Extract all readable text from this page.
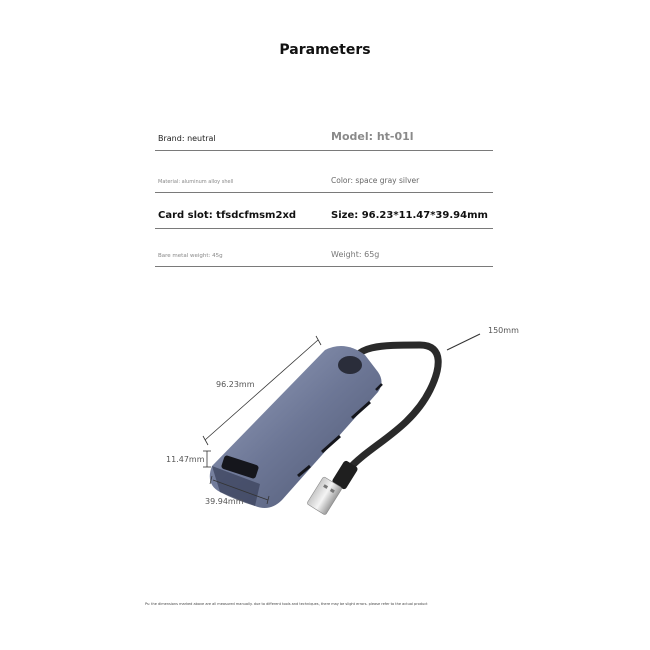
Parameters
Brand: neutral	Model: ht-01l
Material: aluminum alloy shell	Color: space gray silver
Card slot: tfsdcfmsm2xd	Size: 96.23*11.47*39.94mm
Bare metal weight: 45g	Weight: 65g
150mm
96.23mm
11.47mm
39.94mm
Ps: the dimensions marked above are all measured manually. due to different tools and techniques, there may be slight errors. please refer to the actual product
